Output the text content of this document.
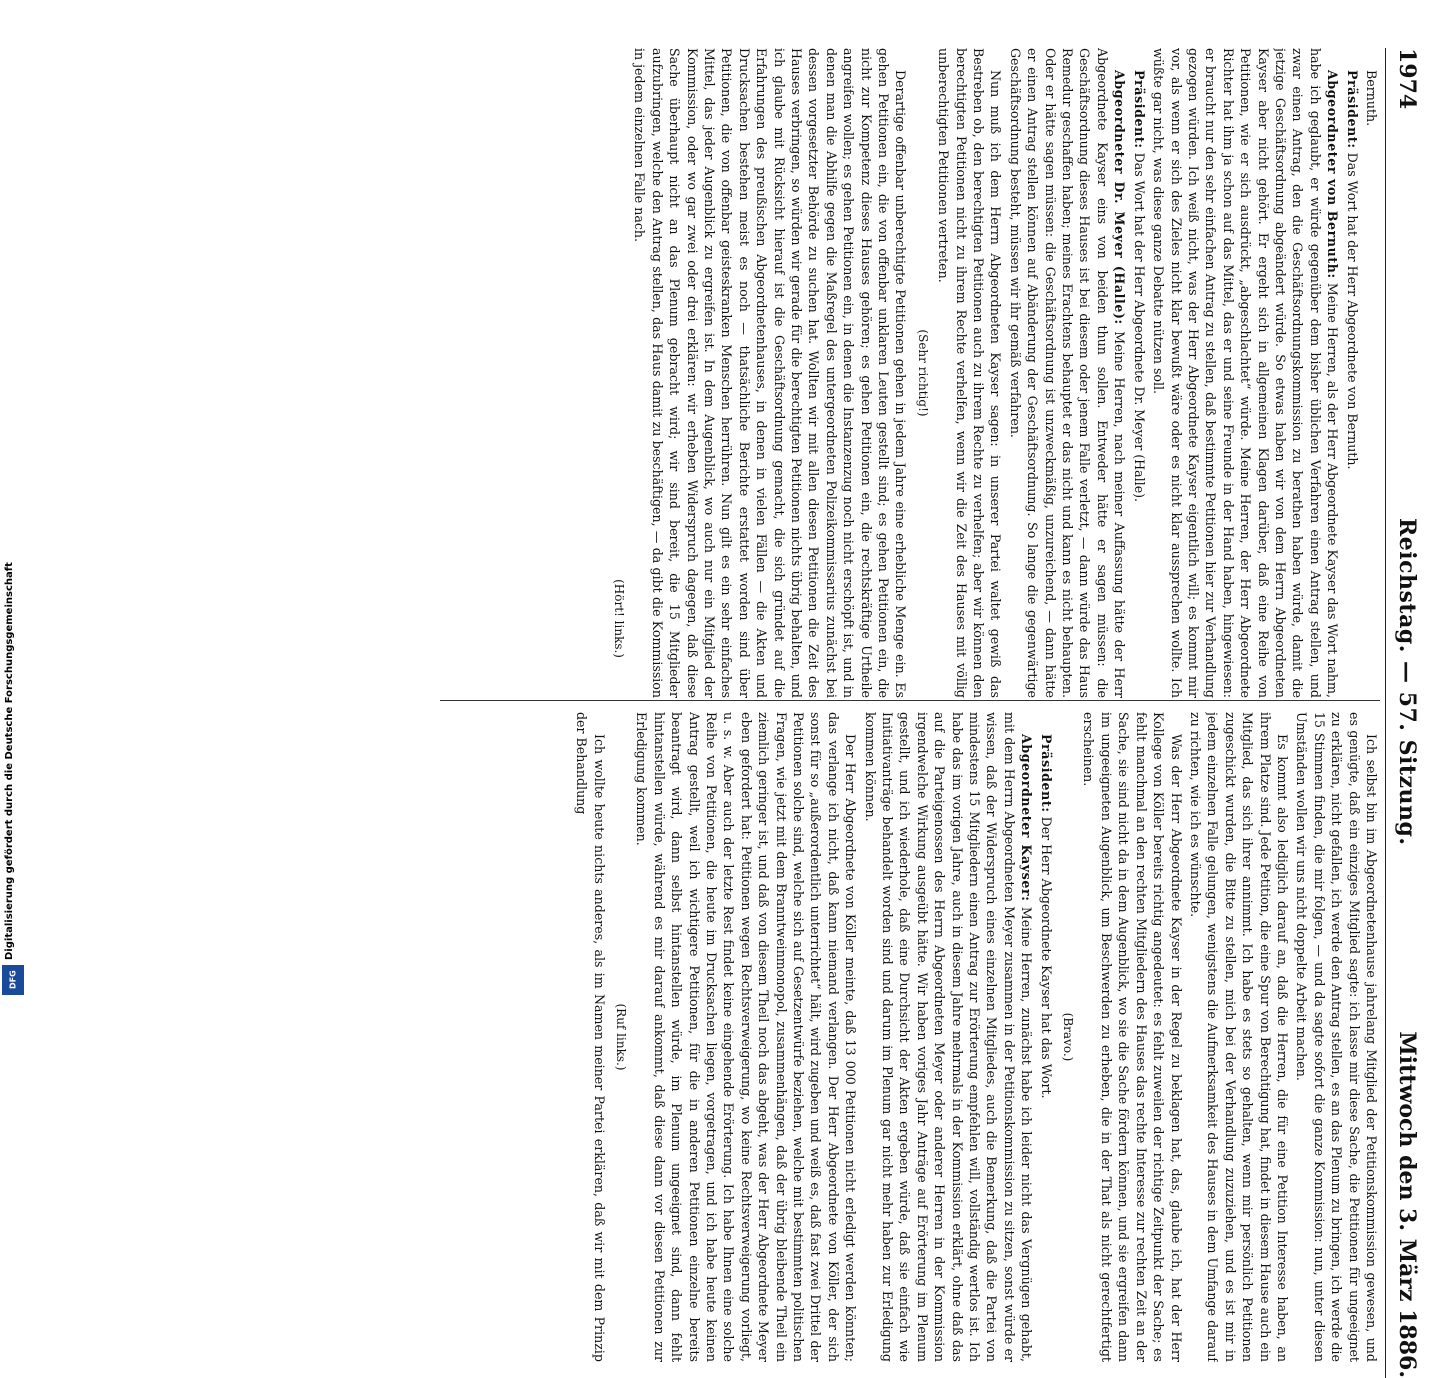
Digitalisierung gefördert durch die Deutsche Forschungsgemeinschaft
DFG
1974
Reichstag. — 57. Sitzung.
Mittwoch den 3. März 1886.

Bernuth.

Präsident: Das Wort hat der Herr Abgeordnete von Bernuth.

Abgeordneter von Bernuth: Meine Herren, als der Herr Abgeordnete Kayser das Wort nahm, habe ich geglaubt, er würde gegenüber dem bisher üblichen Verfahren einen Antrag stellen, und zwar einen Antrag, den die Geschäftsordnungskommission zu berathen haben würde, damit die jetzige Geschäftsordnung abgeändert würde. So etwas haben wir von dem Herrn Abgeordneten Kayser aber nicht gehört. Er ergeht sich in allgemeinen Klagen darüber, daß eine Reihe von Petitionen, wie er sich ausdrückt, „abgeschlachtet“ würde. Meine Herren, der Herr Abgeordnete Richter hat ihm ja schon auf das Mittel, das er und seine Freunde in der Hand haben, hingewiesen: er braucht nur den sehr einfachen Antrag zu stellen, daß bestimmte Petitionen hier zur Verhandlung gezogen würden. Ich weiß nicht, was der Herr Abgeordnete Kayser eigentlich will; es kommt mir vor, als wenn er sich des Zieles nicht klar bewußt wäre oder es nicht klar aussprechen wollte. Ich wüßte gar nicht, was diese ganze Debatte nützen soll.

Präsident: Das Wort hat der Herr Abgeordnete Dr. Meyer (Halle).

Abgeordneter Dr. Meyer (Halle): Meine Herren, nach meiner Auffassung hätte der Herr Abgeordnete Kayser eins von beiden thun sollen. Entweder hätte er sagen müssen: die Geschäftsordnung dieses Hauses ist bei diesem oder jenem Falle verletzt, — dann würde das Haus Remedur geschaffen haben; meines Erachtens behauptet er das nicht und kann es nicht behaupten. Oder er hätte sagen müssen: die Geschäftsordnung ist unzweckmäßig, unzureichend, — dann hätte er einen Antrag stellen können auf Abänderung der Geschäftsordnung. So lange die gegenwärtige Geschäftsordnung besteht, müssen wir ihr gemäß verfahren.

Nun muß ich dem Herrn Abgeordneten Kayser sagen: in unserer Partei waltet gewiß das Bestreben ob, den berechtigten Petitionen auch zu ihrem Rechte zu verhelfen; aber wir können den berechtigten Petitionen nicht zu ihrem Rechte verhelfen, wenn wir die Zeit des Hauses mit völlig unberechtigten Petitionen vertreten.

(Sehr richtig!)

Derartige offenbar unberechtigte Petitionen gehen in jedem Jahre eine erhebliche Menge ein. Es gehen Petitionen ein, die von offenbar unklaren Leuten gestellt sind; es gehen Petitionen ein, die nicht zur Kompetenz dieses Hauses gehören; es gehen Petitionen ein, die rechtskräftige Urtheile angreifen wollen; es gehen Petitionen ein, in denen die Instanzenzug noch nicht erschöpft ist, und in denen man die Abhilfe gegen die Maßregel des untergeordneten Polizeikommissarius zunächst bei dessen vorgesetzter Behörde zu suchen hat. Wollten wir mit allen diesen Petitionen die Zeit des Hauses verbringen, so würden wir gerade für die berechtigten Petitionen nichts übrig behalten, und ich glaube mit Rücksicht hierauf ist die Geschäftsordnung gemacht, die sich gründet auf die Erfahrungen des preußischen Abgeordnetenhauses, in denen in vielen Fällen — die Akten und Drucksachen bestehen meist es noch — thatsächliche Berichte erstattet worden sind über Petitionen, die von offenbar geisteskranken Menschen herrühren. Nun gilt es ein sehr einfaches Mittel, das jeder Augenblick zu ergreifen ist. In dem Augenblick, wo auch nur ein Mitglied der Kommission, oder wo gar zwei oder drei erklären: wir erheben Widerspruch dagegen, daß diese Sache überhaupt nicht an das Plenum gebracht wird; wir sind bereit, die 15 Mitglieder aufzubringen, welche den Antrag stellen, das Haus damit zu beschäftigen, — da gibt die Kommission in jedem einzelnen Falle nach.

(Hört! links.)

Ich selbst bin im Abgeordnetenhause jahrelang Mitglied der Petitionskommission gewesen, und es genügte, daß ein einziges Mitglied sagte: ich lasse mir diese Sache, die Petitionen für ungeeignet zu erklären, nicht gefallen, ich werde den Antrag stellen, es an das Plenum zu bringen, ich werde die 15 Stimmen finden, die mir folgen, — und da sagte sofort die ganze Kommission: nun, unter diesen Umständen wollen wir uns nicht doppelte Arbeit machen.

Es kommt also lediglich darauf an, daß die Herren, die für eine Petition Interesse haben, an ihrem Platze sind. Jede Petition, die eine Spur von Berechtigung hat, findet in diesem Hause auch ein Mitglied, das sich ihrer annimmt. Ich habe es stets so gehalten, wenn mir persönlich Petitionen zugeschickt wurden, die Bitte zu stellen, mich bei der Verhandlung zuzuziehen, und es ist mir in jedem einzelnen Falle gelungen, wenigstens die Aufmerksamkeit des Hauses in dem Umfange darauf zu richten, wie ich es wünschte.

Was der Herr Abgeordnete Kayser in der Regel zu beklagen hat, das, glaube ich, hat der Herr Kollege von Köller bereits richtig angedeutet: es fehlt zuweilen der richtige Zeitpunkt der Sache; es fehlt manchmal an den rechten Mitgliedern des Hauses das rechte Interesse zur rechten Zeit an der Sache, sie sind nicht da in dem Augenblick, wo sie die Sache fördern können, und sie ergreifen dann im ungeeigneten Augenblick, um Beschwerden zu erheben, die in der That als nicht gerechtfertigt erscheinen.

(Bravo.)

Präsident: Der Herr Abgeordnete Kayser hat das Wort.

Abgeordneter Kayser: Meine Herren, zunächst habe ich leider nicht das Vergnügen gehabt, mit dem Herrn Abgeordneten Meyer zusammen in der Petitionskommission zu sitzen, sonst würde er wissen, daß der Widerspruch eines einzelnen Mitgliedes, auch die Bemerkung, daß die Partei von mindestens 15 Mitgliedern einen Antrag zur Erörterung empfehlen will, vollständig wertlos ist. Ich habe das im vorigen Jahre, auch in diesem Jahre mehrmals in der Kommission erklärt, ohne daß das auf die Parteigenossen des Herrn Abgeordneten Meyer oder anderer Herren in der Kommission irgendwelche Wirkung ausgeübt hätte. Wir haben voriges Jahr Anträge auf Erörterung im Plenum gestellt, und ich wiederhole, daß eine Durchsicht der Akten ergeben würde, daß sie einfach wie Initiativanträge behandelt worden sind und darum im Plenum gar nicht mehr haben zur Erledigung kommen können.

Der Herr Abgeordnete von Köller meinte, daß 13 000 Petitionen nicht erledigt werden könnten; das verlange ich nicht, daß kann niemand verlangen. Der Herr Abgeordnete von Köller, der sich sonst für so „außerordentlich unterrichtet“ hält, wird zugeben und weiß es, daß fast zwei Drittel der Petitionen solche sind, welche sich auf Gesetzentwürfe beziehen, welche mit bestimmten politischen Fragen, wie jetzt mit dem Branntweinmonopol, zusammenhängen, daß der übrig bleibende Theil ein ziemlich geringer ist, und daß von diesem Theil noch das abgeht, was der Herr Abgeordnete Meyer eben gefordert hat: Petitionen wegen Rechtsverweigerung, wo keine Rechtsverweigerung vorliegt, u. s. w. Aber auch der letzte Rest findet keine eingehende Erörterung. Ich habe Ihnen eine solche Reihe von Petitionen, die heute im Drucksachen liegen, vorgetragen, und ich habe heute keinen Antrag gestellt, weil ich wichtigere Petitionen, für die in anderen Petitionen einzelne bereits beantragt wird, dann selbst hintanstellen würde, im Plenum ungeeignet sind, dann fehlt hintanstellen würde, während es mir darauf ankommt, daß diese dann vor diesen Petitionen zur Erledigung kommen.

(Ruf links.)

Ich wollte heute nichts anderes, als im Namen meiner Partei erklären, daß wir mit dem Prinzip der Behandlung
